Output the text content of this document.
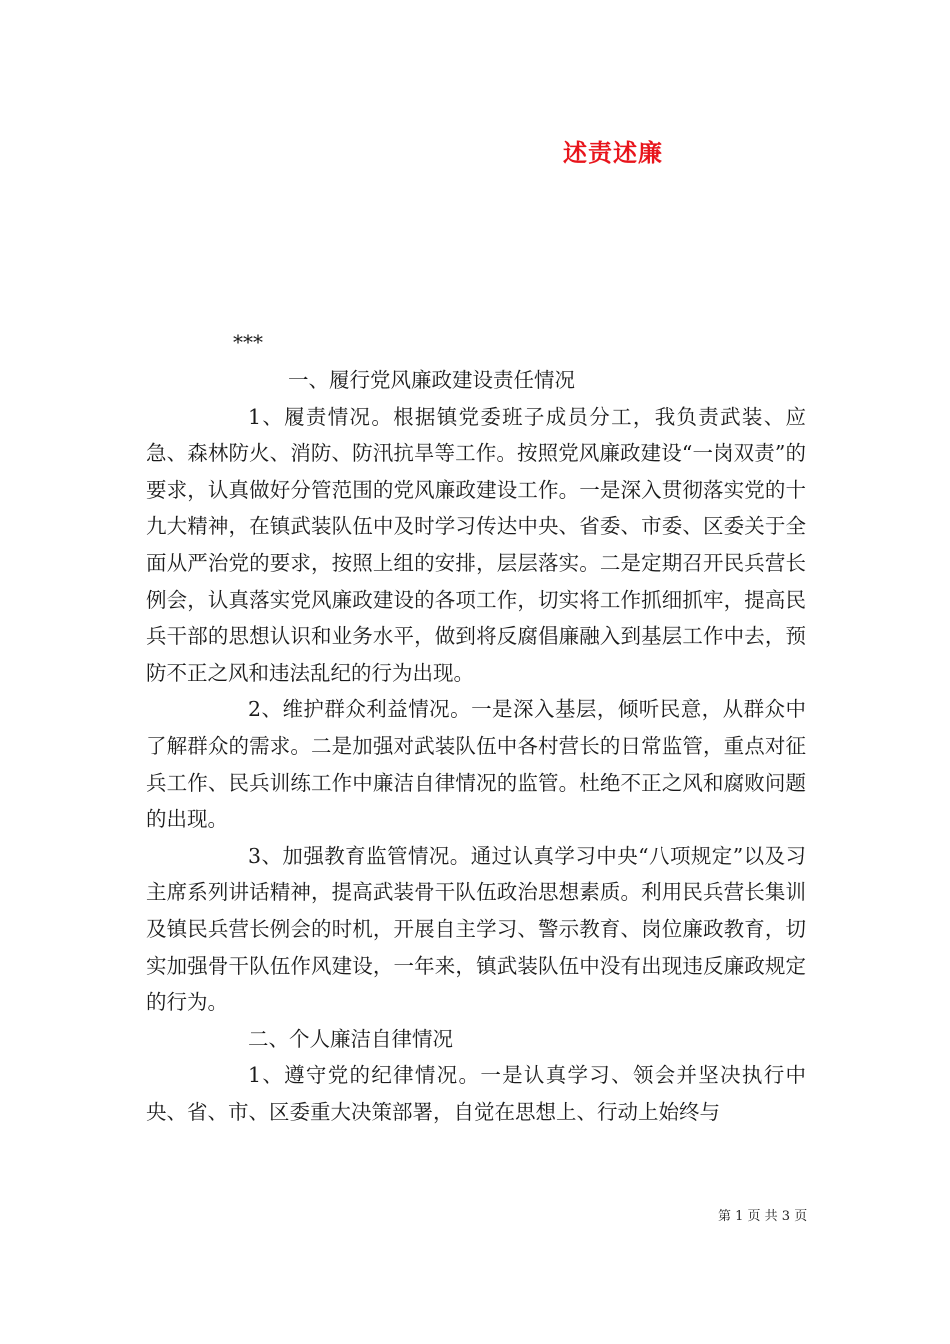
述责述廉
***

一、履行党风廉政建设责任情况

1、履责情况。根据镇党委班子成员分工，我负责武装、应急、森林防火、消防、防汛抗旱等工作。按照党风廉政建设“一岗双责”的要求，认真做好分管范围的党风廉政建设工作。一是深入贯彻落实党的十九大精神，在镇武装队伍中及时学习传达中央、省委、市委、区委关于全面从严治党的要求，按照上组的安排，层层落实。二是定期召开民兵营长例会，认真落实党风廉政建设的各项工作，切实将工作抓细抓牢，提高民兵干部的思想认识和业务水平，做到将反腐倡廉融入到基层工作中去，预防不正之风和违法乱纪的行为出现。

2、维护群众利益情况。一是深入基层，倾听民意，从群众中了解群众的需求。二是加强对武装队伍中各村营长的日常监管，重点对征兵工作、民兵训练工作中廉洁自律情况的监管。杜绝不正之风和腐败问题的出现。

3、加强教育监管情况。通过认真学习中央“八项规定”以及习主席系列讲话精神，提高武装骨干队伍政治思想素质。利用民兵营长集训及镇民兵营长例会的时机，开展自主学习、警示教育、岗位廉政教育，切实加强骨干队伍作风建设，一年来，镇武装队伍中没有出现违反廉政规定的行为。

二、个人廉洁自律情况

1、遵守党的纪律情况。一是认真学习、领会并坚决执行中央、省、市、区委重大决策部署，自觉在思想上、行动上始终与

第 1 页 共 3 页
